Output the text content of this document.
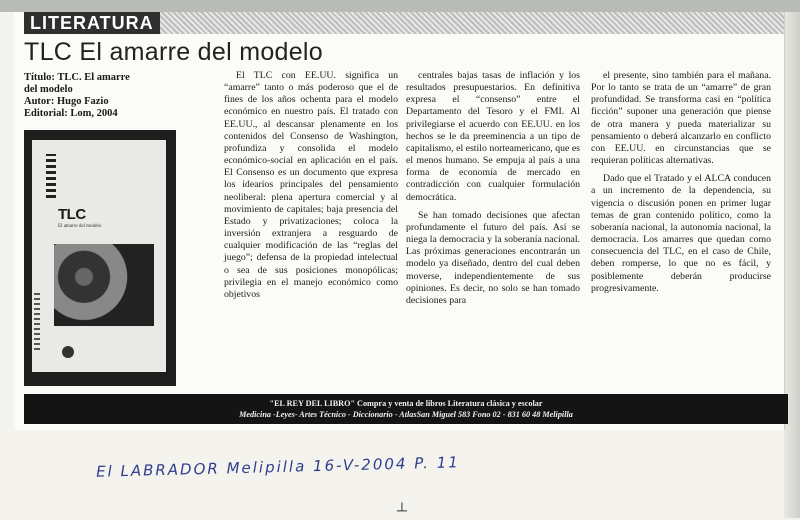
LITERATURA
TLC El amarre del modelo
Título: TLC. El amarre
del modelo
Autor: Hugo Fazio
Editorial: Lom, 2004
TLC
El amarre del modelo

El TLC con EE.UU. significa un “amarre” tanto o más poderoso que el de fines de los años ochenta para el modelo económico en nuestro país. El tratado con EE.UU., al descansar plenamente en los contenidos del Consenso de Washington, profundiza y consolida el modelo económico-social en aplicación en el país. El Consenso es un documento que expresa los idearios principales del pensamiento neoliberal: plena apertura comercial y al movimiento de capitales; baja presencia del Estado y privatizaciones; coloca la inversión extranjera a resguardo de cualquier modificación de las “reglas del juego”; defensa de la propiedad intelectual o sea de sus posiciones monopólicas; privilegia en el manejo económico como objetivos

centrales bajas tasas de inflación y los resultados presupuestarios. En definitiva expresa el “consenso” entre el Departamento del Tesoro y el FMI. Al privilegiarse el acuerdo con EE.UU. en los hechos se le da preeminencia a un tipo de capitalismo, el estilo norteamericano, que es el menos humano. Se empuja al país a una forma de economía de mercado en contradicción con cualquier formulación democrática.

Se han tomado decisiones que afectan profundamente el futuro del país. Así se niega la democracia y la soberanía nacional. Las próximas generaciones encontrarán un modelo ya diseñado, dentro del cual deben moverse, independientemente de sus opiniones. Es decir, no solo se han tomado decisiones para

el presente, sino también para el mañana. Por lo tanto se trata de un “amarre” de gran profundidad. Se transforma casi en “política ficción” suponer una generación que piense de otra manera y pueda materializar su pensamiento o deberá alcanzarlo en conflicto con EE.UU. en circunstancias que se requieran políticas alternativas.

Dado que el Tratado y el ALCA conducen a un incremento de la dependencia, su vigencia o discusión ponen en primer lugar temas de gran contenido político, como la soberanía nacional, la autonomía nacional, la democracia. Los amarres que quedan como consecuencia del TLC, en el caso de Chile, deben romperse, lo que no es fácil, y posiblemente deberán producirse progresivamente.

"EL REY DEL LIBRO" Compra y venta de libros Literatura clásica y escolar
Medicina -Leyes- Artes Técnico - Diccionario - AtlasSan Miguel 583 Fono 02 - 831 60 48 Melipilla
El LABRADOR Melipilla 16-V-2004 P. 11
┴
